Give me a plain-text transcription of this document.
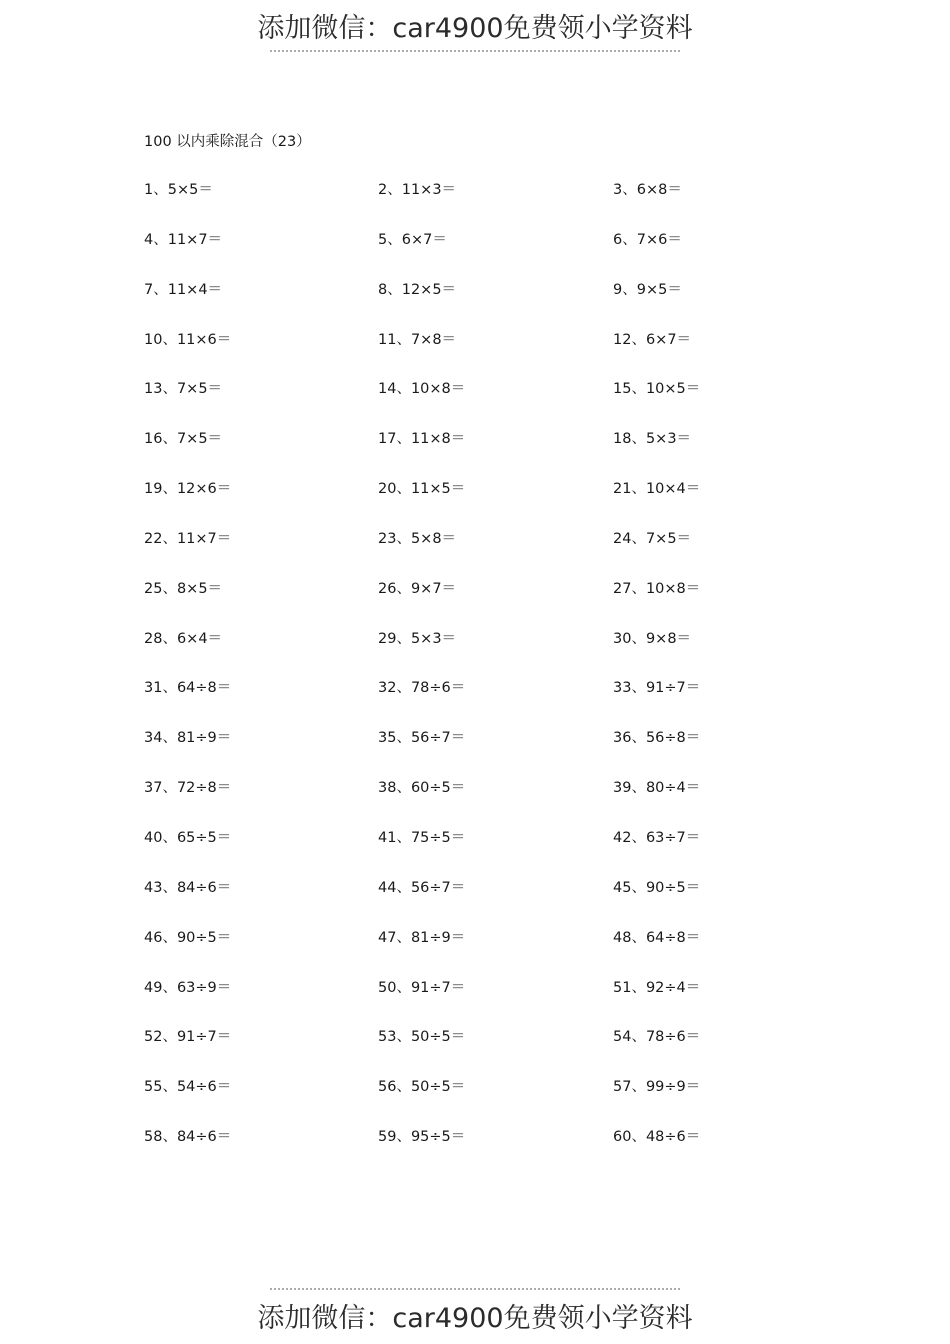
添加微信：car4900免费领小学资料
100 以内乘除混合（23）
1、5×5＝	2、11×3＝	3、6×8＝
4、11×7＝	5、6×7＝	6、7×6＝
7、11×4＝	8、12×5＝	9、9×5＝
10、11×6＝	11、7×8＝	12、6×7＝
13、7×5＝	14、10×8＝	15、10×5＝
16、7×5＝	17、11×8＝	18、5×3＝
19、12×6＝	20、11×5＝	21、10×4＝
22、11×7＝	23、5×8＝	24、7×5＝
25、8×5＝	26、9×7＝	27、10×8＝
28、6×4＝	29、5×3＝	30、9×8＝
31、64÷8＝	32、78÷6＝	33、91÷7＝
34、81÷9＝	35、56÷7＝	36、56÷8＝
37、72÷8＝	38、60÷5＝	39、80÷4＝
40、65÷5＝	41、75÷5＝	42、63÷7＝
43、84÷6＝	44、56÷7＝	45、90÷5＝
46、90÷5＝	47、81÷9＝	48、64÷8＝
49、63÷9＝	50、91÷7＝	51、92÷4＝
52、91÷7＝	53、50÷5＝	54、78÷6＝
55、54÷6＝	56、50÷5＝	57、99÷9＝
58、84÷6＝	59、95÷5＝	60、48÷6＝
添加微信：car4900免费领小学资料
